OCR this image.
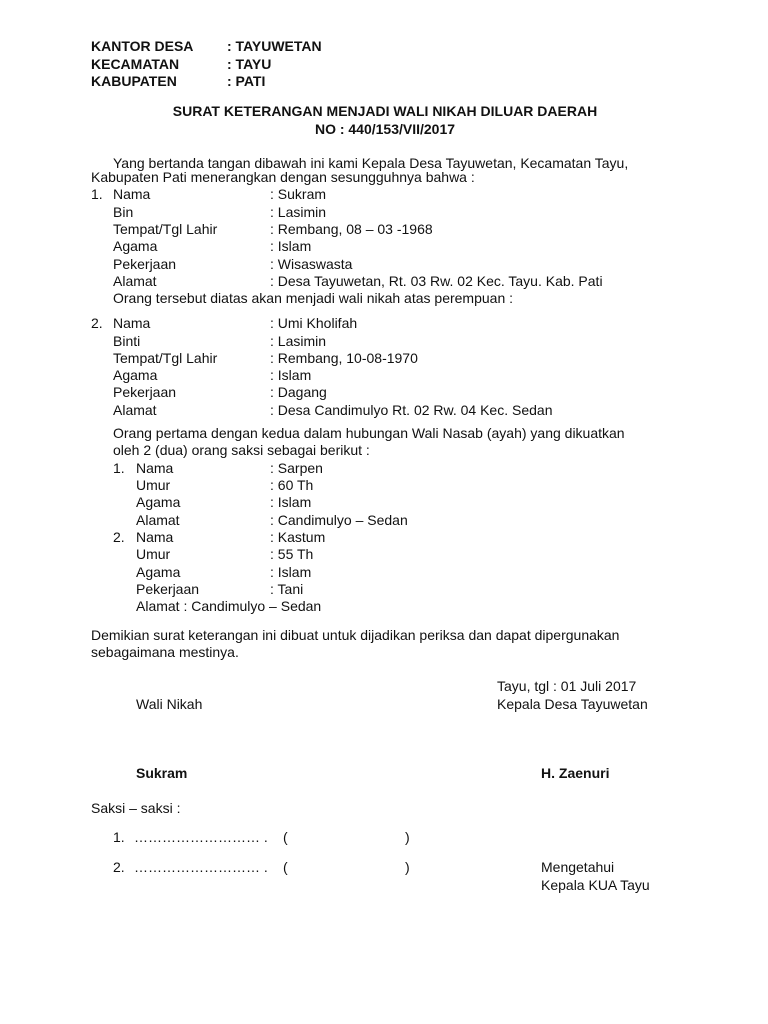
KANTOR DESA : TAYUWETAN
KECAMATAN	: TAYU
KABUPATEN	: PATI
SURAT KETERANGAN MENJADI WALI NIKAH DILUAR DAERAH
NO : 440/153/VII/2017
Yang bertanda tangan dibawah ini kami Kepala Desa Tayuwetan, Kecamatan Tayu,
Kabupaten Pati menerangkan dengan sesungguhnya bahwa :
1. Nama	: Sukram
Bin	: Lasimin
Tempat/Tgl Lahir	: Rembang, 08 – 03 -1968
Agama	: Islam
Pekerjaan	: Wisaswasta
Alamat	: Desa Tayuwetan, Rt. 03 Rw. 02 Kec. Tayu. Kab. Pati
Orang tersebut diatas akan menjadi wali nikah atas perempuan :
2. Nama	: Umi Kholifah
Binti	: Lasimin
Tempat/Tgl Lahir	: Rembang, 10-08-1970
Agama	: Islam
Pekerjaan	: Dagang
Alamat	: Desa Candimulyo Rt. 02 Rw. 04 Kec. Sedan
Orang pertama dengan kedua dalam hubungan Wali Nasab (ayah) yang dikuatkan
oleh 2 (dua) orang saksi sebagai berikut :
1. Nama	: Sarpen
Umur	: 60 Th
Agama	: Islam
Alamat	: Candimulyo – Sedan
2. Nama	: Kastum
Umur	: 55 Th
Agama	: Islam
Pekerjaan	: Tani
Alamat : Candimulyo – Sedan
Demikian surat keterangan ini dibuat untuk dijadikan periksa dan dapat dipergunakan
sebagaimana mestinya.
Tayu, tgl : 01 Juli 2017
Wali Nikah	Kepala Desa Tayuwetan
Sukram	H. Zaenuri
Saksi – saksi :
1. ……………………… . (	)
2. ……………………… . (	)	Mengetahui
Kepala KUA Tayu
